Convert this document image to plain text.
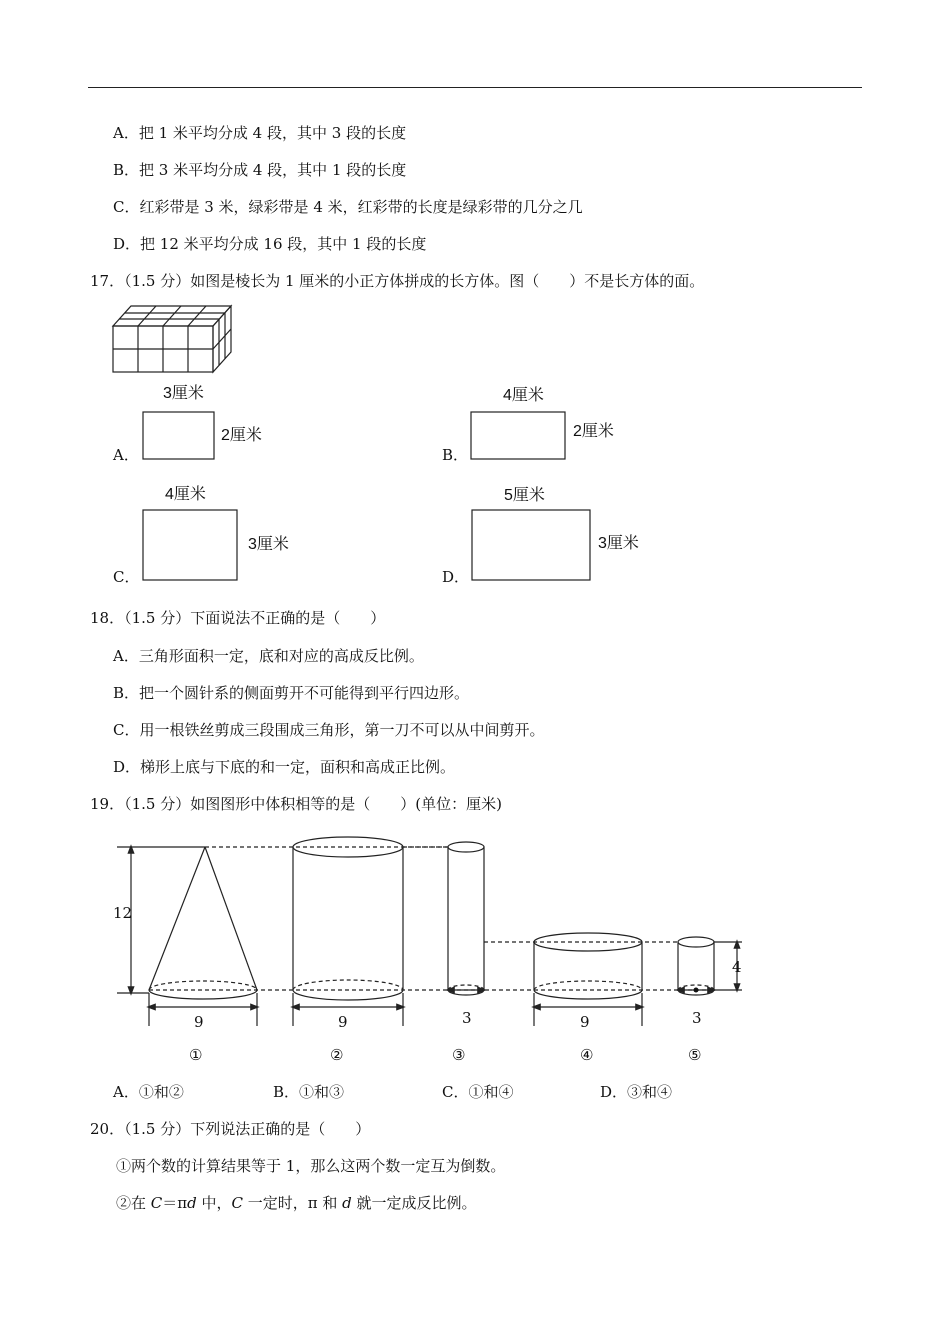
A．把 1 米平均分成 4 段，其中 3 段的长度
B．把 3 米平均分成 4 段，其中 1 段的长度
C．红彩带是 3 米，绿彩带是 4 米，红彩带的长度是绿彩带的几分之几
D．把 12 米平均分成 16 段，其中 1 段的长度
17．（1.5 分）如图是棱长为 1 厘米的小正方体拼成的长方体。图（　　）不是长方体的面。
3厘米
2厘米
A．
4厘米
2厘米
B．
4厘米
3厘米
C．
5厘米
3厘米
D．
18．（1.5 分）下面说法不正确的是（　　）
A．三角形面积一定，底和对应的高成反比例。
B．把一个圆针系的侧面剪开不可能得到平行四边形。
C．用一根铁丝剪成三段围成三角形，第一刀不可以从中间剪开。
D．梯形上底与下底的和一定，面积和高成正比例。
19．（1.5 分）如图图形中体积相等的是（　　）(单位：厘米)
12
4
9	9	3	9	3
①	②	③	④	⑤
A．①和②	B．①和③	C．①和④	D．③和④
20．（1.5 分）下列说法正确的是（　　）
①两个数的计算结果等于 1，那么这两个数一定互为倒数。
②在 C＝πd 中，C 一定时，π 和 d 就一定成反比例。
